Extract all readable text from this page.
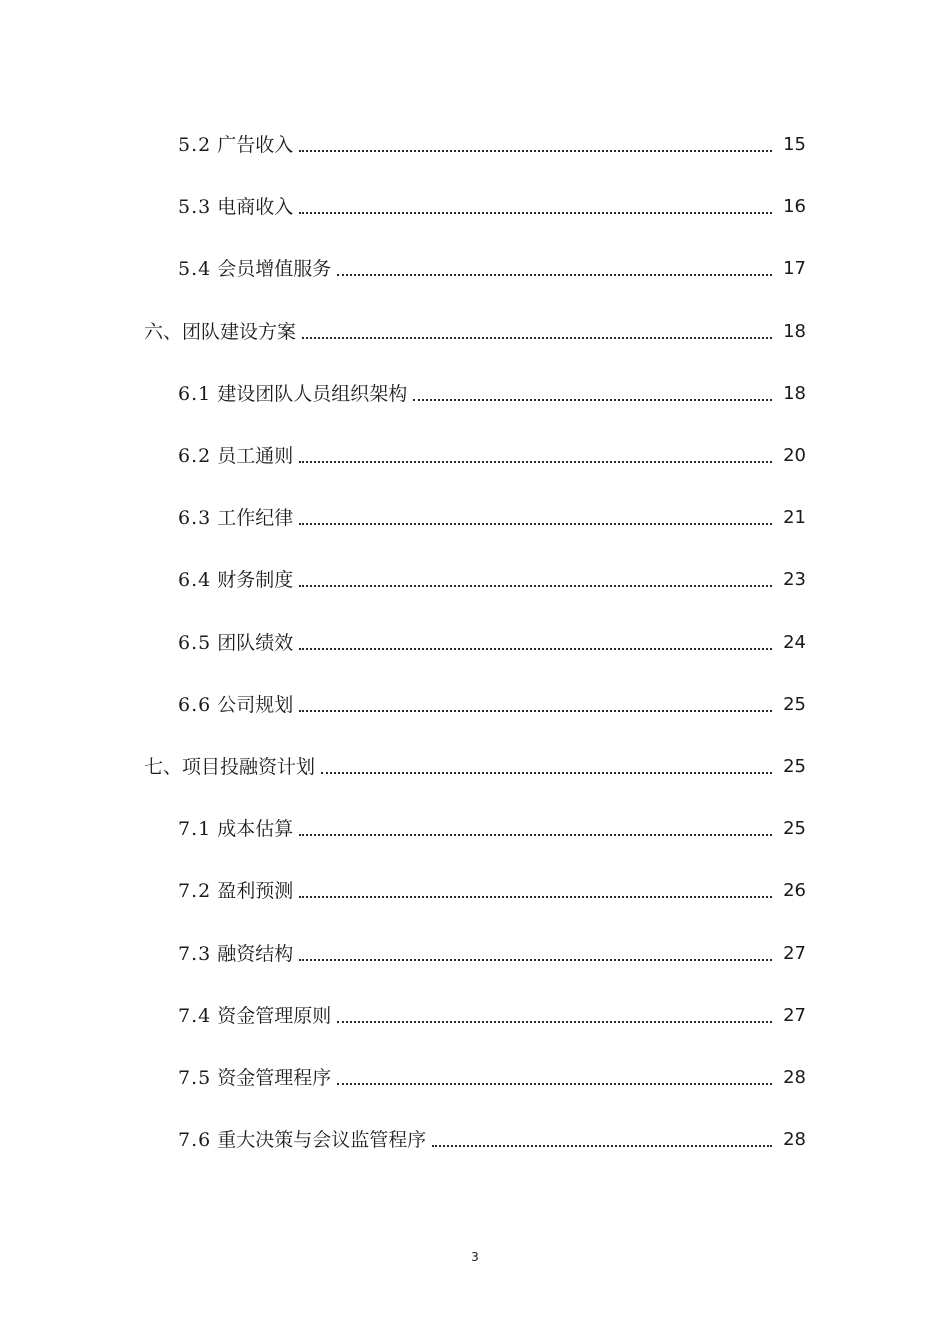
5.2 广告收入	15
5.3 电商收入	16
5.4 会员增值服务	17
六、团队建设方案	18
6.1 建设团队人员组织架构	18
6.2 员工通则	20
6.3 工作纪律	21
6.4 财务制度	23
6.5 团队绩效	24
6.6 公司规划	25
七、项目投融资计划	25
7.1 成本估算	25
7.2 盈利预测	26
7.3 融资结构	27
7.4 资金管理原则	27
7.5 资金管理程序	28
7.6 重大决策与会议监管程序	28
3
